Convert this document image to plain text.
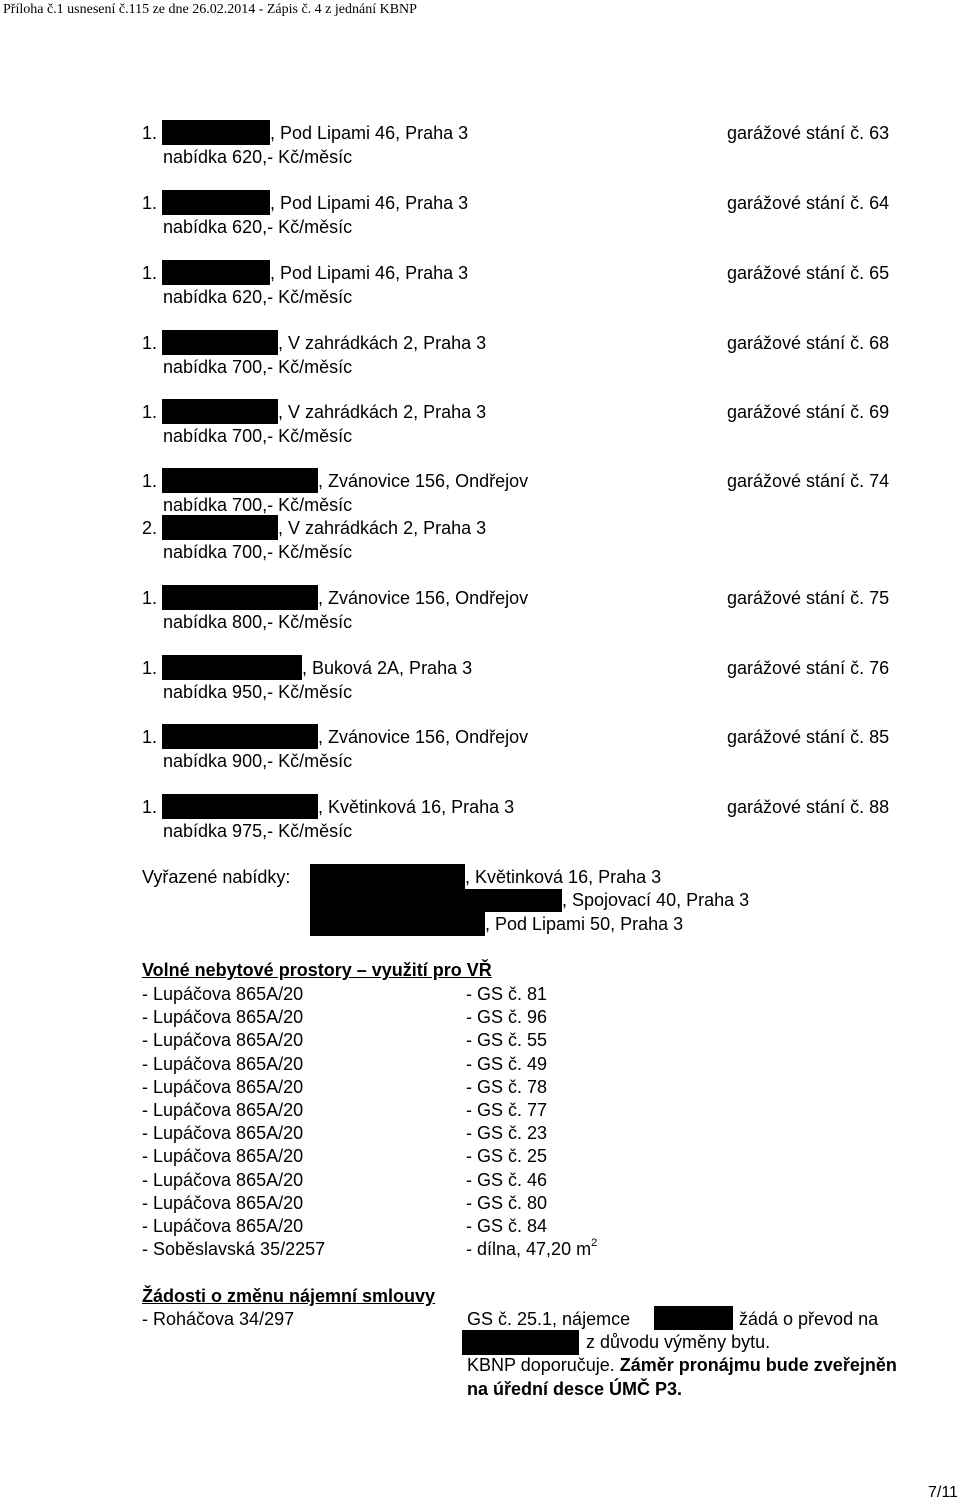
Příloha č.1 usnesení č.115 ze dne 26.02.2014 - Zápis č. 4 z jednání KBNP
1.	, Pod Lipami 46, Praha 3	garážové stání č. 63
nabídka 620,- Kč/měsíc
1.	, Pod Lipami 46, Praha 3	garážové stání č. 64
nabídka 620,- Kč/měsíc
1.	, Pod Lipami 46, Praha 3	garážové stání č. 65
nabídka 620,- Kč/měsíc
1.	, V zahrádkách 2, Praha 3	garážové stání č. 68
nabídka 700,- Kč/měsíc
1.	, V zahrádkách 2, Praha 3	garážové stání č. 69
nabídka 700,- Kč/měsíc
1.	, Zvánovice 156, Ondřejov	garážové stání č. 74
nabídka 700,- Kč/měsíc
2.	, V zahrádkách 2, Praha 3
nabídka 700,- Kč/měsíc
1.	, Zvánovice 156, Ondřejov	garážové stání č. 75
nabídka 800,- Kč/měsíc
1.	, Buková 2A, Praha 3	garážové stání č. 76
nabídka 950,- Kč/měsíc
1.	, Zvánovice 156, Ondřejov	garážové stání č. 85
nabídka 900,- Kč/měsíc
1.	, Květinková 16, Praha 3	garážové stání č. 88
nabídka 975,- Kč/měsíc
Vyřazené nabídky:	, Květinková 16, Praha 3
, Spojovací 40, Praha 3
, Pod Lipami 50, Praha 3
Volné nebytové prostory – využití pro VŘ
- Lupáčova 865A/20	- GS č. 81
- Lupáčova 865A/20	- GS č. 96
- Lupáčova 865A/20	- GS č. 55
- Lupáčova 865A/20	- GS č. 49
- Lupáčova 865A/20	- GS č. 78
- Lupáčova 865A/20	- GS č. 77
- Lupáčova 865A/20	- GS č. 23
- Lupáčova 865A/20	- GS č. 25
- Lupáčova 865A/20	- GS č. 46
- Lupáčova 865A/20	- GS č. 80
- Lupáčova 865A/20	- GS č. 84
- Soběslavská 35/2257	- dílna, 47,20 $m^2$
Žádosti o změnu nájemní smlouvy
- Roháčova 34/297	GS č. 25.1, nájemce	žádá o převod na
z důvodu výměny bytu.
KBNP doporučuje. Záměr pronájmu bude zveřejněn
na úřední desce ÚMČ P3.
7/11
